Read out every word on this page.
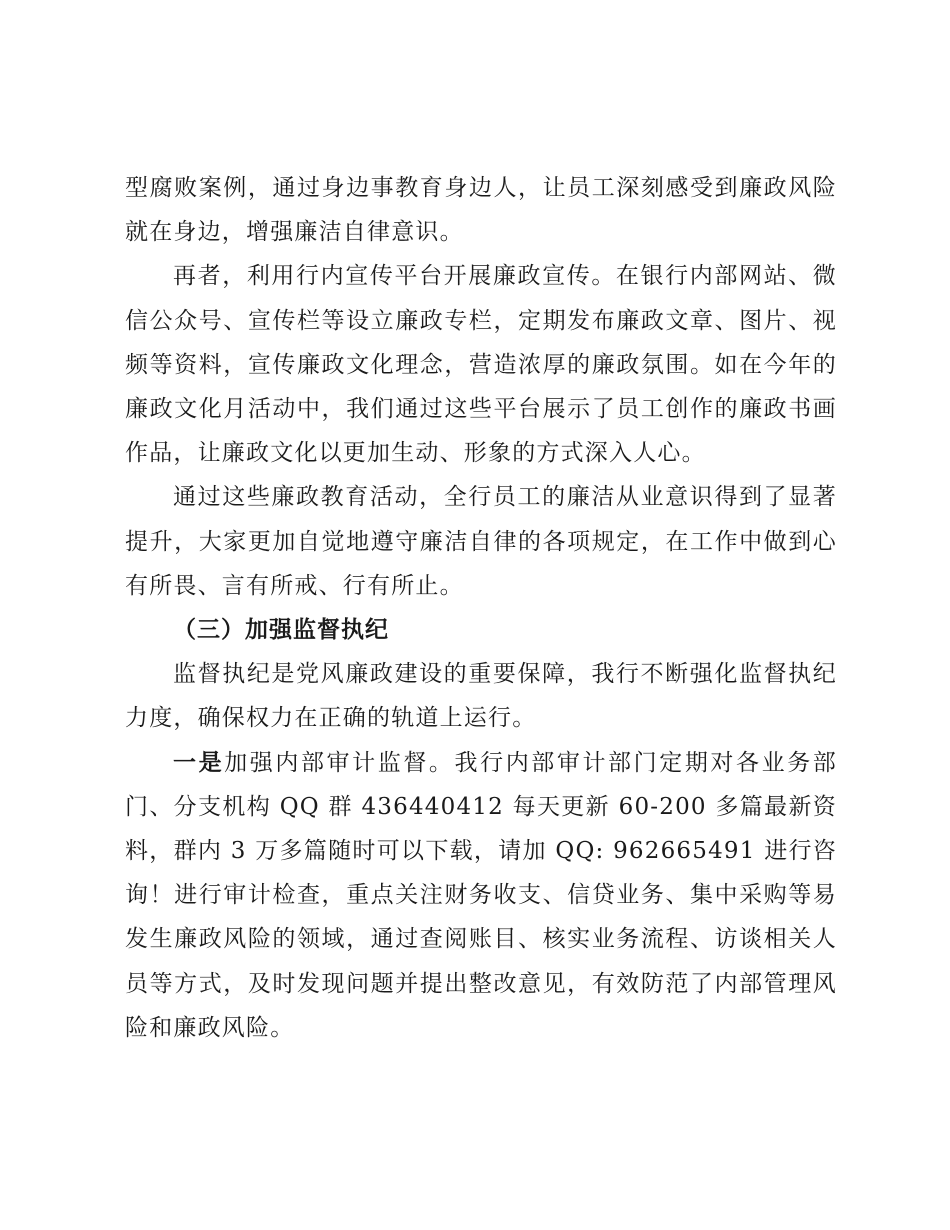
型腐败案例，通过身边事教育身边人，让员工深刻感受到廉政风险就在身边，增强廉洁自律意识。

再者，利用行内宣传平台开展廉政宣传。在银行内部网站、微信公众号、宣传栏等设立廉政专栏，定期发布廉政文章、图片、视频等资料，宣传廉政文化理念，营造浓厚的廉政氛围。如在今年的廉政文化月活动中，我们通过这些平台展示了员工创作的廉政书画作品，让廉政文化以更加生动、形象的方式深入人心。

通过这些廉政教育活动，全行员工的廉洁从业意识得到了显著提升，大家更加自觉地遵守廉洁自律的各项规定，在工作中做到心有所畏、言有所戒、行有所止。

（三）加强监督执纪

监督执纪是党风廉政建设的重要保障，我行不断强化监督执纪力度，确保权力在正确的轨道上运行。

一是加强内部审计监督。我行内部审计部门定期对各业务部门、分支机构 QQ 群 436440412 每天更新 60-200 多篇最新资料，群内 3 万多篇随时可以下载，请加 QQ: 962665491 进行咨询！进行审计检查，重点关注财务收支、信贷业务、集中采购等易发生廉政风险的领域，通过查阅账目、核实业务流程、访谈相关人员等方式，及时发现问题并提出整改意见，有效防范了内部管理风险和廉政风险。
